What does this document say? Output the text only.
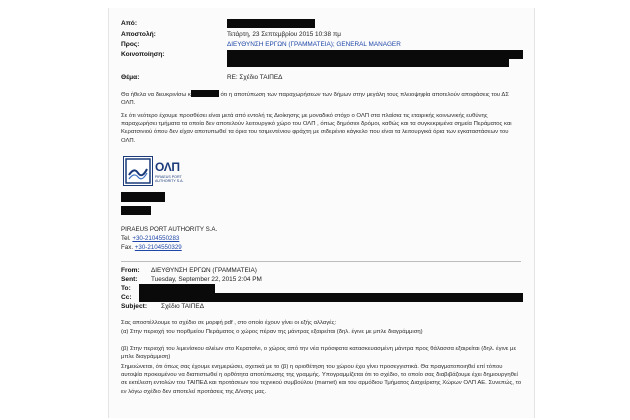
Από:
Αποστολή:	Τετάρτη, 23 Σεπτεμβρίου 2015 10:38 πμ
Προς:	ΔΙΕΥΘΥΝΣΗ ΕΡΓΩΝ (ΓΡΑΜΜΑΤΕΙΑ); GENERAL MANAGER
Κοινοποίηση:
Θέμα:	RE: Σχέδιο ΤΑΙΠΕΔ
Θα ήθελα να διευκρινίσω κ	ότι η αποτύπωση των παραχωρήσεων των δήμων στην μεγάλη τους πλειοψηφία αποτελούν αποφάσεις του ΔΣ ΟΛΠ.
Σε ότι νεότερο έχουμε προσθέσει είναι μετά από εντολή τις Διοίκησης με μοναδικό στόχο ο ΟΛΠ στα πλαίσια τις εταιρικής κοινωνικής ευθύνης παραχωρήσει τμήματα τα οποία δεν αποτελούν λειτουργικό χώρο του ΟΛΠ , όπως δημόσιοι δρόμοι, καθώς και τα συγκεκριμένα σημεία Περάματος και Κερατσινιού όπου δεν είχαν αποτυπωθεί τα όρια του τσιμεντένιου φράχτη με σιδερένιο κάγκελο που είναι τα λειτουργικά όρια των εγκαταστάσεων του ΟΛΠ.
ΟΛΠ
PIRAEUS PORT
AUTHORITY S.A.
PIRAEUS PORT AUTHORITY S.A.
Tel. +30-2104550283
Fax. +30-2104550329
From: ΔΙΕΥΘΥΝΣΗ ΕΡΓΩΝ (ΓΡΑΜΜΑΤΕΙΑ)
Sent: Tuesday, September 22, 2015 2:04 PM
To:
Cc:
Subject: Σχέδιο ΤΑΙΠΕΔ
Σας αποστέλλουμε το σχέδιο σε μορφή pdf , στο οποίο έχουν γίνει οι εξής αλλαγές:
(α) Στην περιοχή του πορθμείου Περάματος ο χώρος πέραν της μάντρας εξαιρείται (δηλ. έγινε με μπλε διαγράμμιση)
(β) Στην περιοχή του λιμενίσκου αλιέων στο Κερατσίνι, ο χώρος από την νέα πρόσφατα κατασκευασμένη μάντρα προς θάλασσα εξαιρείται (δηλ. έγινε με μπλε διαγράμμιση)
Σημειώνεται, ότι όπως σας έχουμε ενημερώσει, σχετικά με το (β) η οριοθέτηση του χώρου έχει γίνει προσεγγιστικά. Θα πραγματοποιηθεί επί τόπου αυτοψία προκειμένου να διαπιστωθεί η ορθότητα αποτύπωσης της γραμμής. Υπογραμμίζεται ότι το σχέδιο, το οποίο σας διαβιβάζουμε έχει δημιουργηθεί σε εκτέλεση εντολών του ΤΑΙΠΕΔ και προτάσεων του τεχνικού συμβούλου (marnet) και του αρμόδιου Τμήματος Διαχείρισης Χώρων ΟΛΠ ΑΕ. Συνεπώς, το εν λόγω σχέδιο δεν αποτελεί προτάσεις της Δ/νσης μας.
